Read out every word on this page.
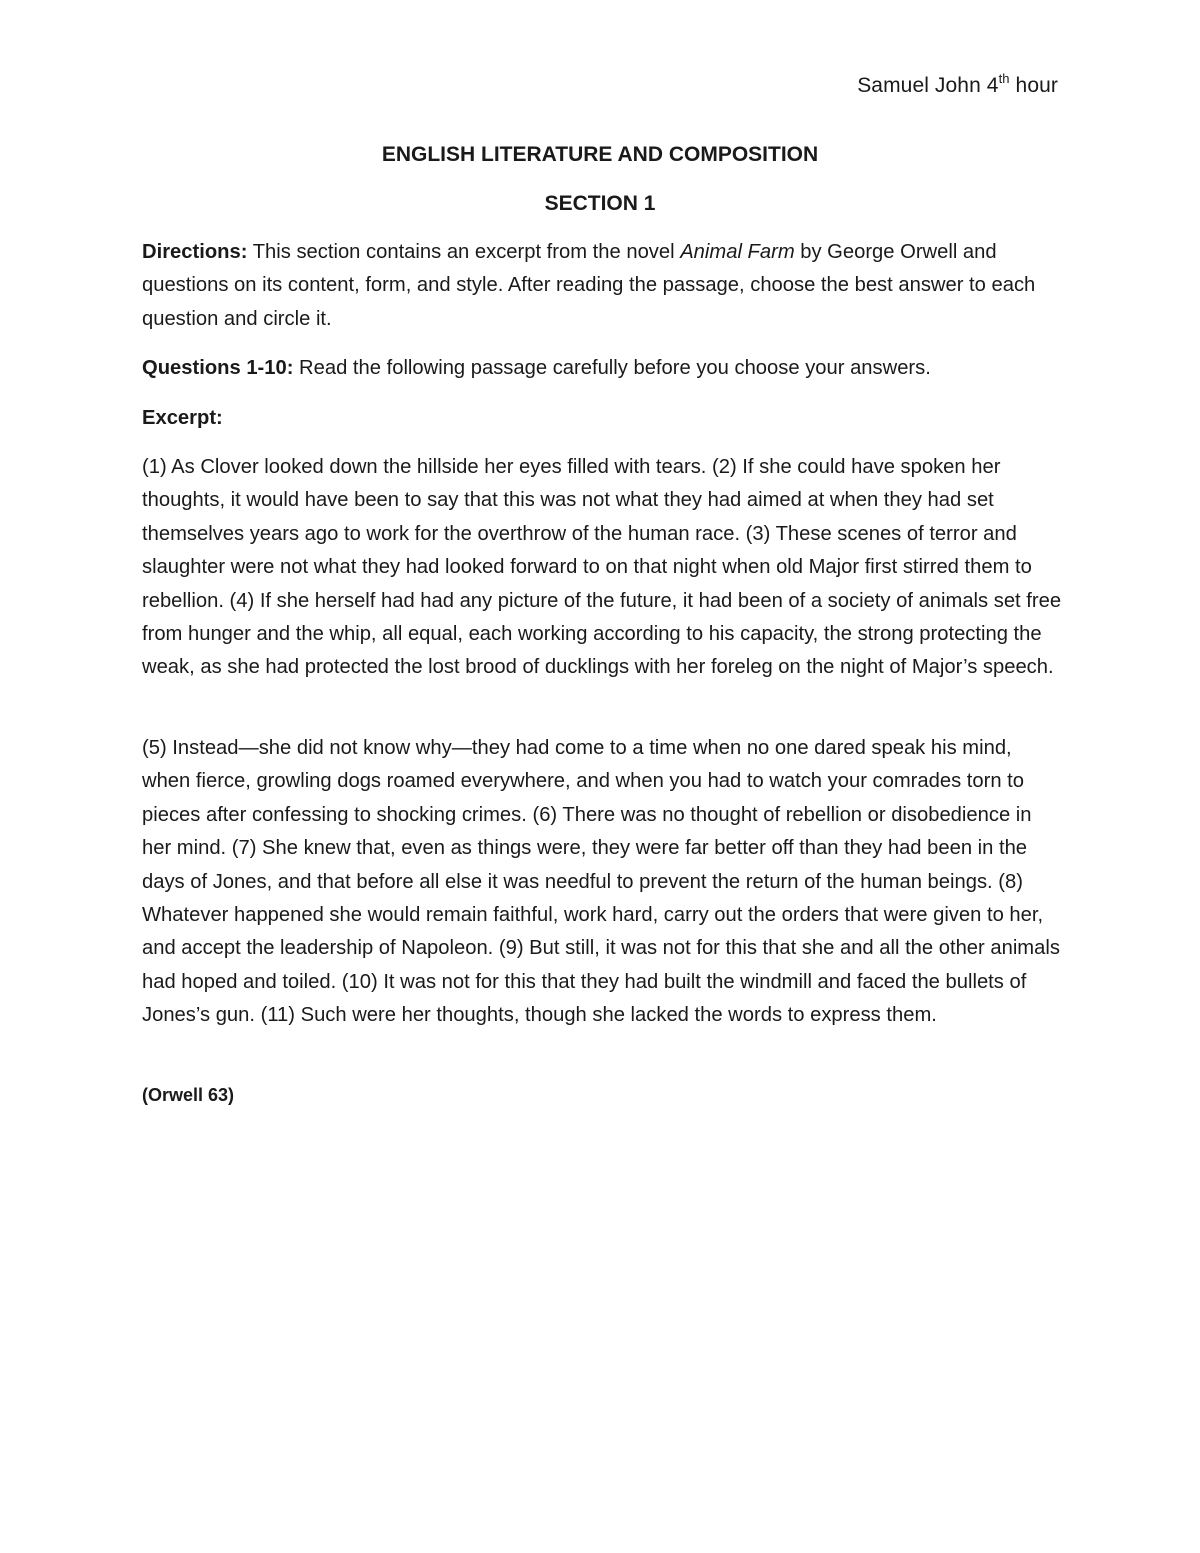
Samuel John 4th hour
ENGLISH LITERATURE AND COMPOSITION
SECTION 1

Directions: This section contains an excerpt from the novel Animal Farm by George Orwell and questions on its content, form, and style. After reading the passage, choose the best answer to each question and circle it.

Questions 1-10: Read the following passage carefully before you choose your answers.

Excerpt:

(1) As Clover looked down the hillside her eyes filled with tears. (2) If she could have spoken her thoughts, it would have been to say that this was not what they had aimed at when they had set themselves years ago to work for the overthrow of the human race. (3) These scenes of terror and slaughter were not what they had looked forward to on that night when old Major first stirred them to rebellion. (4) If she herself had had any picture of the future, it had been of a society of animals set free from hunger and the whip, all equal, each working according to his capacity, the strong protecting the weak, as she had protected the lost brood of ducklings with her foreleg on the night of Major’s speech.

(5) Instead—she did not know why—they had come to a time when no one dared speak his mind, when fierce, growling dogs roamed everywhere, and when you had to watch your comrades torn to pieces after confessing to shocking crimes. (6) There was no thought of rebellion or disobedience in her mind. (7) She knew that, even as things were, they were far better off than they had been in the days of Jones, and that before all else it was needful to prevent the return of the human beings. (8) Whatever happened she would remain faithful, work hard, carry out the orders that were given to her, and accept the leadership of Napoleon. (9) But still, it was not for this that she and all the other animals had hoped and toiled. (10) It was not for this that they had built the windmill and faced the bullets of Jones’s gun. (11) Such were her thoughts, though she lacked the words to express them.

(Orwell 63)
